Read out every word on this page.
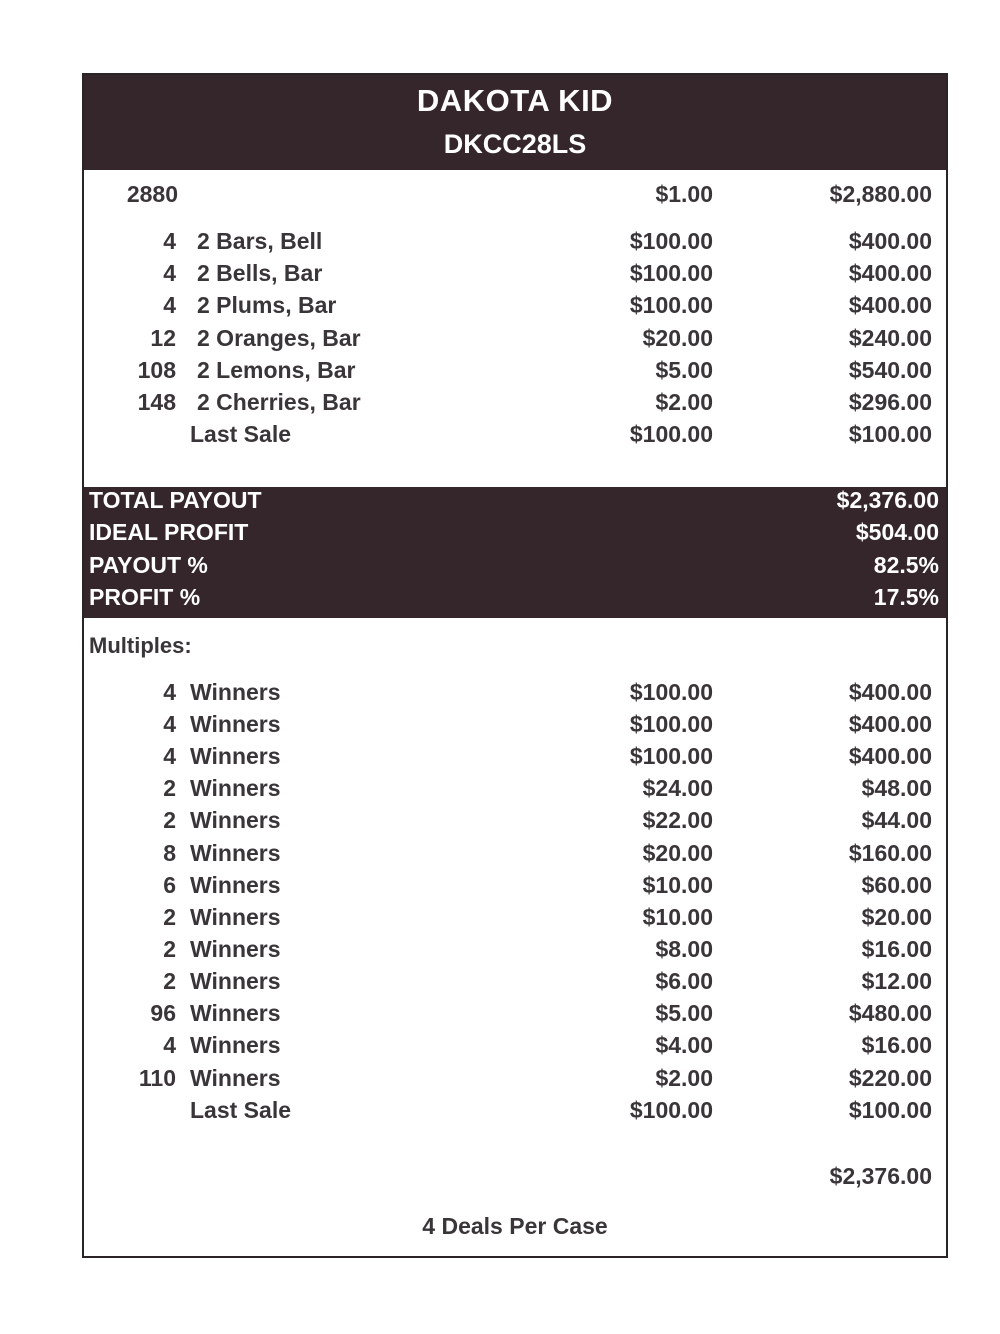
DAKOTA KID
DKCC28LS
2880	$1.00	$2,880.00
4 2 Bars, Bell	$100.00	$400.00
4 2 Bells, Bar	$100.00	$400.00
4 2 Plums, Bar	$100.00	$400.00
12 2 Oranges, Bar	$20.00	$240.00
108 2 Lemons, Bar	$5.00	$540.00
148 2 Cherries, Bar	$2.00	$296.00
Last Sale	$100.00	$100.00
TOTAL PAYOUT	$2,376.00
IDEAL PROFIT	$504.00
PAYOUT %	82.5%
PROFIT %	17.5%
Multiples:
4 Winners	$100.00	$400.00
4 Winners	$100.00	$400.00
4 Winners	$100.00	$400.00
2 Winners	$24.00	$48.00
2 Winners	$22.00	$44.00
8 Winners	$20.00	$160.00
6 Winners	$10.00	$60.00
2 Winners	$10.00	$20.00
2 Winners	$8.00	$16.00
2 Winners	$6.00	$12.00
96 Winners	$5.00	$480.00
4 Winners	$4.00	$16.00
110 Winners	$2.00	$220.00
Last Sale	$100.00	$100.00
$2,376.00
4 Deals Per Case
